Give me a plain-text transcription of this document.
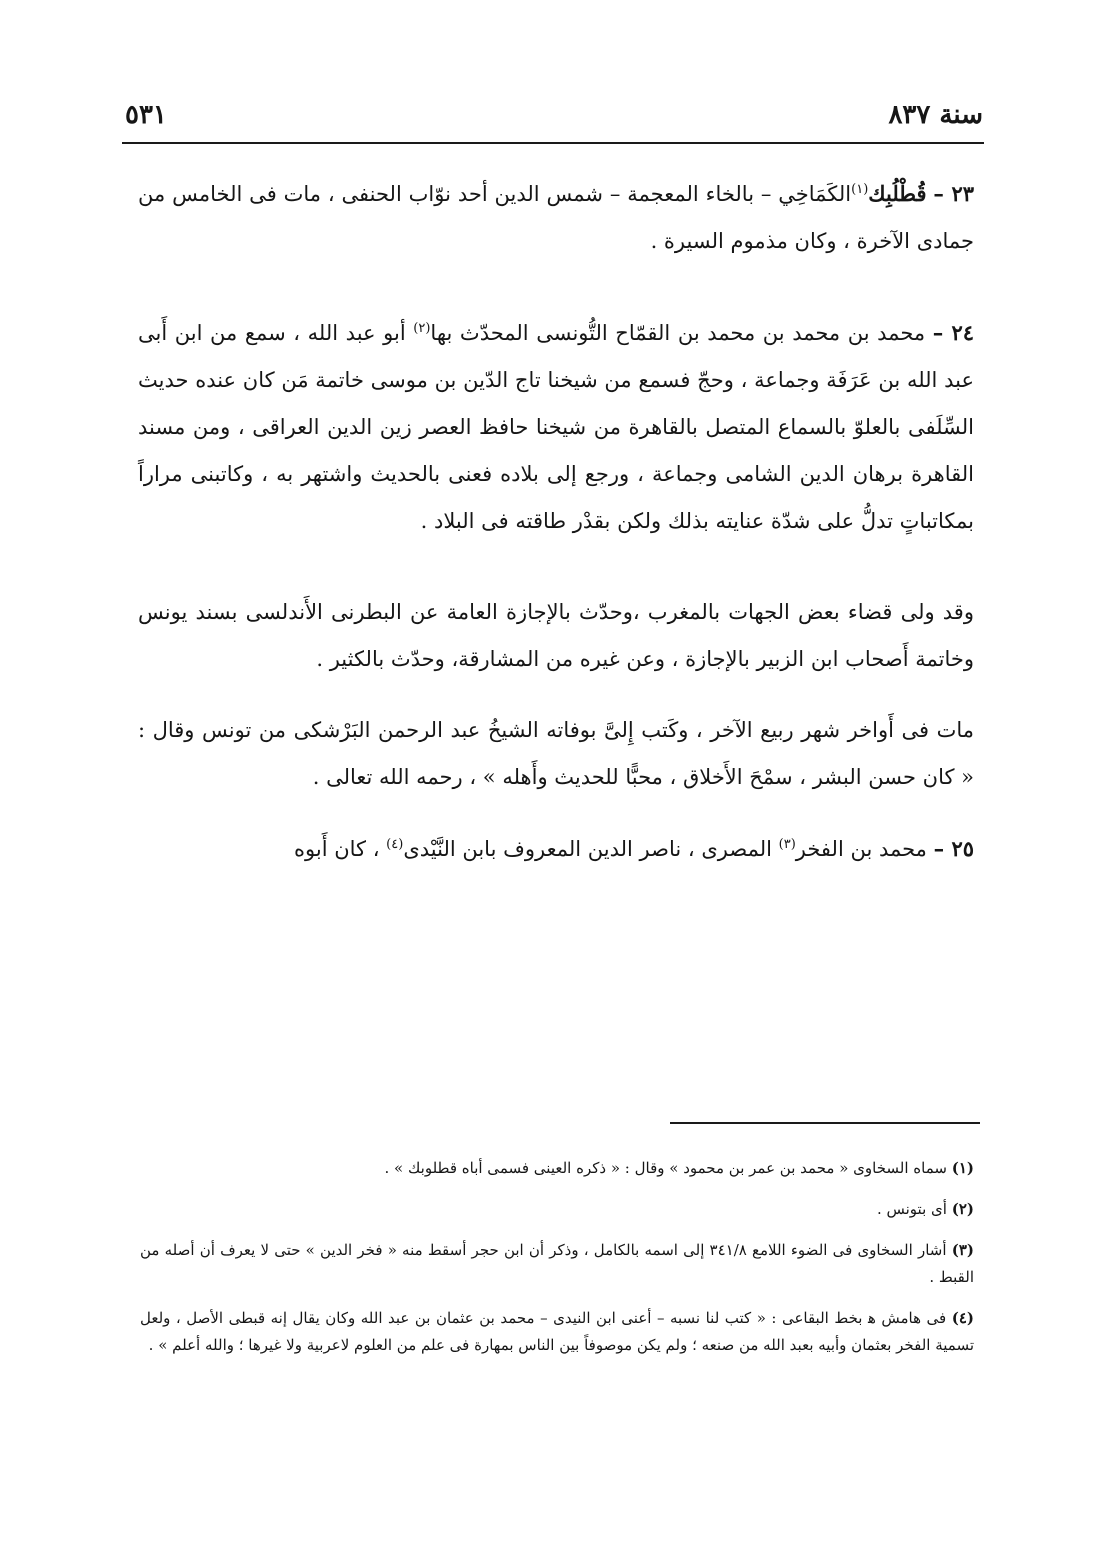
سنة ٨٣٧
٥٣١

٢٣ – قُطْلُبِك$^{(١)}$الكَمَاخِي – بالخاء المعجمة – شمس الدين أحد نوّاب الحنفى ، مات فى الخامس من جمادى الآخرة ، وكان مذموم السيرة .

٢٤ – محمد بن محمد بن محمد بن القمّاح التُّونسى المحدّث بها$^{(٢)}$ أبو عبد الله ، سمع من ابن أَبى عبد الله بن عَرَفَة وجماعة ، وحجّ فسمع من شيخنا تاج الدّين بن موسى خاتمة مَن كان عنده حديث السِّلَفى بالعلوّ بالسماع المتصل بالقاهرة من شيخنا حافظ العصر زين الدين العراقى ، ومن مسند القاهرة برهان الدين الشامى وجماعة ، ورجع إلى بلاده فعنى بالحديث واشتهر به ، وكاتبنى مراراً بمكاتباتٍ تدلُّ على شدّة عنايته بذلك ولكن بقدْر طاقته فى البلاد .

وقد ولى قضاء بعض الجهات بالمغرب ،وحدّث بالإجازة العامة عن البطرنى الأَندلسى بسند يونس وخاتمة أَصحاب ابن الزبير بالإجازة ، وعن غيره من المشارقة، وحدّث بالكثير .

مات فى أَواخر شهر ربيع الآخر ، وكَتب إِلىَّ بوفاته الشيخُ عبد الرحمن البَرْشكى من تونس وقال : « كان حسن البشر ، سمْحَ الأَخلاق ، محبًّا للحديث وأَهله » ، رحمه الله تعالى .

٢٥ – محمد بن الفخر$^{(٣)}$ المصرى ، ناصر الدين المعروف بابن النَّيْدى$^{(٤)}$ ، كان أَبوه

(١) سماه السخاوى « محمد بن عمر بن محمود » وقال : « ذكره العينى فسمى أباه قطلوبك » .

(٢) أى بتونس .

(٣) أشار السخاوى فى الضوء اللامع ٣٤١/٨ إلى اسمه بالكامل ، وذكر أن ابن حجر أسقط منه « فخر الدين » حتى لا يعرف أن أصله من القبط .

(٤) فى هامش ﻫ بخط البقاعى : « كتب لنا نسبه – أعنى ابن النيدى – محمد بن عثمان بن عبد الله وكان يقال إنه قبطى الأصل ، ولعل تسمية الفخر بعثمان وأبيه بعبد الله من صنعه ؛ ولم يكن موصوفاً بين الناس بمهارة فى علم من العلوم لاعربية ولا غيرها ؛ والله أعلم » .
